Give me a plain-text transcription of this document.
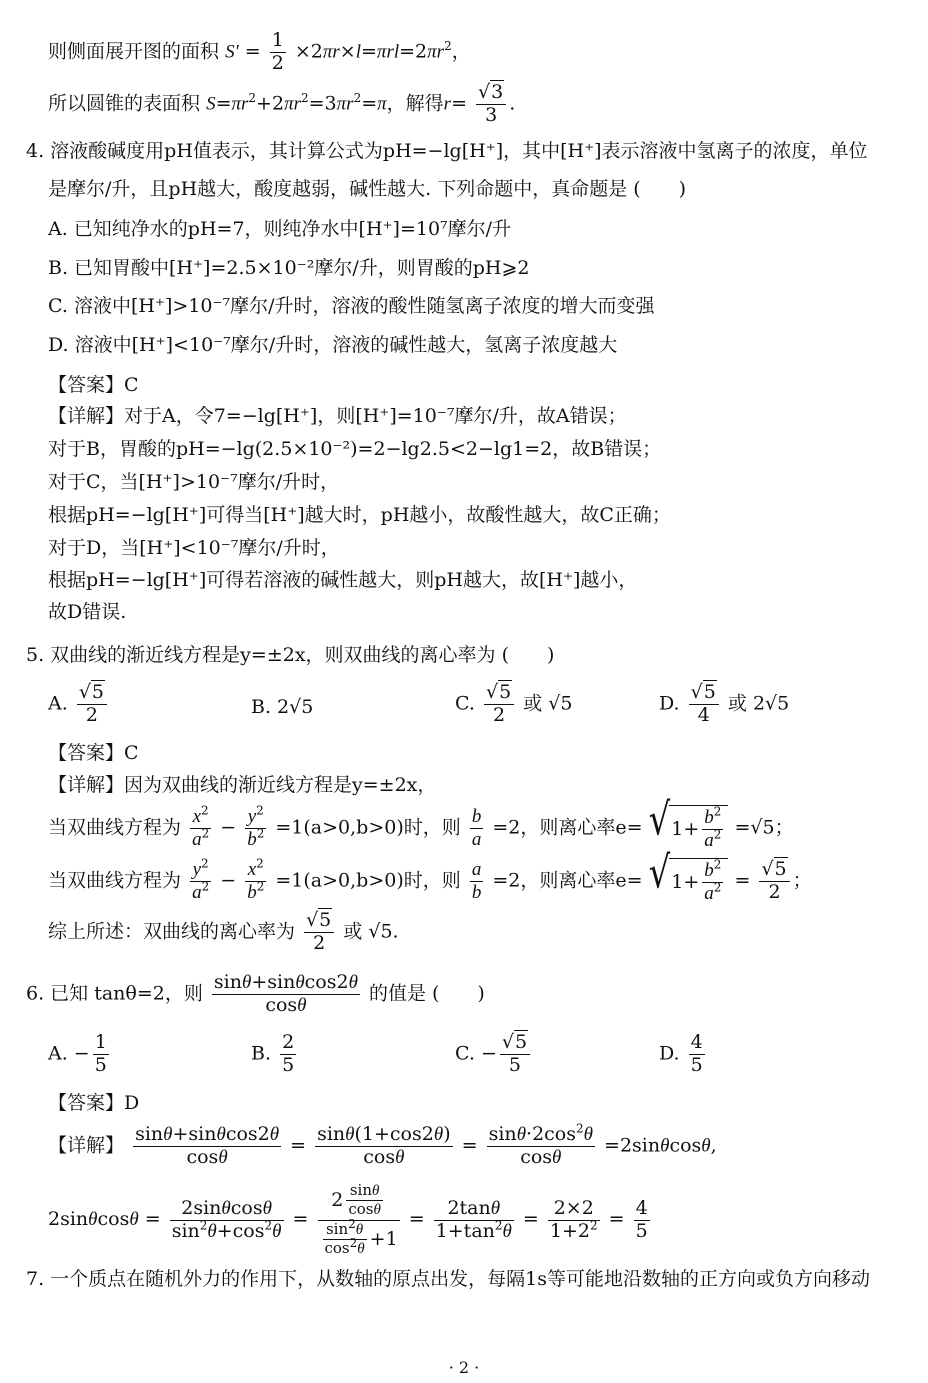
则侧面展开图的面积 $S' = \frac{1}{2} \times 2\pi r\times l=\pi rl=2\pi r^2$，
所以圆锥的表面积 $S=\pi r^2+2\pi r^2=3\pi r^2=\pi$，解得$r= \frac{√3}{3}$ .
4. 溶液酸碱度用pH值表示，其计算公式为pH=−lg[H⁺]，其中[H⁺]表示溶液中氢离子的浓度，单位
是摩尔/升，且pH越大，酸度越弱，碱性越大. 下列命题中，真命题是 (　　)
A. 已知纯净水的pH=7，则纯净水中[H⁺]=10⁷摩尔/升
B. 已知胃酸中[H⁺]=2.5×10⁻²摩尔/升，则胃酸的pH⩾2
C. 溶液中[H⁺]>10⁻⁷摩尔/升时，溶液的酸性随氢离子浓度的增大而变强
D. 溶液中[H⁺]<10⁻⁷摩尔/升时，溶液的碱性越大，氢离子浓度越大
【答案】C
【详解】对于A，令7=−lg[H⁺]，则[H⁺]=10⁻⁷摩尔/升，故A错误；
对于B，胃酸的pH=−lg(2.5×10⁻²)=2−lg2.5<2−lg1=2，故B错误；
对于C，当[H⁺]>10⁻⁷摩尔/升时，
根据pH=−lg[H⁺]可得当[H⁺]越大时，pH越小，故酸性越大，故C正确；
对于D，当[H⁺]<10⁻⁷摩尔/升时，
根据pH=−lg[H⁺]可得若溶液的碱性越大，则pH越大，故[H⁺]越小，
故D错误.
5. 双曲线的渐近线方程是y=±2x，则双曲线的离心率为 (　　)
A. $\frac{√5}{2}$	B. 2√5	C. $\frac{√5}{2}$ 或 √5	D. $\frac{√5}{4}$ 或 2√5
【答案】C
【详解】因为双曲线的渐近线方程是y=±2x，
当双曲线方程为 $\frac{x^2}{a^2} - \frac{y^2}{b^2} =1(a>0,b>0)$时，则 $\frac{b}{a} =2$，则离心率e= √ $1+ \frac{b^2}{a^2} =√5$；
当双曲线方程为 $\frac{y^2}{a^2} - \frac{x^2}{b^2} =1(a>0,b>0)$时，则 $\frac{a}{b} =2$，则离心率e= √ $1+ \frac{b^2}{a^2} = \frac{√5}{2}$ ；
综上所述：双曲线的离心率为 $\frac{√5}{2}$ 或 √5.
6. 已知 tanθ=2，则 $\frac{\sin\theta+\sin\theta\cos 2\theta}{\cos\theta}$ 的值是 (　　)
A. − $\frac{1}{5}$	B. $\frac{2}{5}$	C. − $\frac{√5}{5}$	D. $\frac{4}{5}$
【答案】D
【详解】 $\frac{\sin\theta+\sin\theta\cos 2\theta}{\cos\theta} = \frac{\sin\theta(1+\cos 2\theta)}{\cos\theta} = \frac{\sin\theta\cdot 2\cos^2\theta}{\cos\theta} =2\sin\theta\cos\theta$,
$2\sin\theta\cos\theta = \frac{2\sin\theta\cos\theta}{\sin^2\theta+\cos^2\theta} = \frac{2 \frac{\sin\theta}{\cos\theta}}{\frac{\sin^2\theta}{\cos^2\theta} +1} = \frac{2\tan\theta}{1+\tan^2\theta} = \frac{2\times 2}{1+2^2} = \frac{4}{5}$
7. 一个质点在随机外力的作用下，从数轴的原点出发，每隔1s等可能地沿数轴的正方向或负方向移动
· 2 ·
